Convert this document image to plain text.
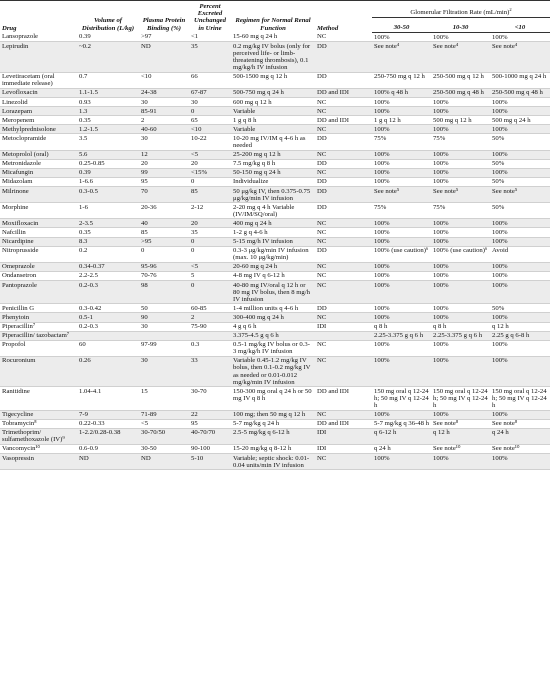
Drug	Volume of Distribution (L/kg)	Plasma Protein Binding (%)	Percent Excreted Unchanged in Urine	Regimen for Normal Renal Function	Method	Glomerular Filtration Rate $(mL/\min)^2$
						30-50	10-30	<10
Lansoprazole	0.39	>97	<1	15-60 mg q 24 h	NC	100%	100%	100%
Lepirudin	~0.2	ND	35	0.2 mg/kg IV bolus (only for perceived life- or limb-threatening thrombosis), 0.1 mg/kg/h IV infusion	DD	See note⁴	See note⁴	See note⁴
Levetiracetam (oral immediate release)	0.7	<10	66	500-1500 mg q 12 h	DD	250-750 mg q 12 h	250-500 mg q 12 h	500-1000 mg q 24 h
Levofloxacin	1.1-1.5	24-38	67-87	500-750 mg q 24 h	DD and IDI	100% q 48 h	250-500 mg q 48 h	250-500 mg q 48 h
Linezolid	0.93	30	30	600 mg q 12 h	NC	100%	100%	100%
Lorazepam	1.3	85-91	0	Variable	NC	100%	100%	100%
Meropenem	0.35	2	65	1 g q 8 h	DD and IDI	1 g q 12 h	500 mg q 12 h	500 mg q 24 h
Methylprednisolone	1.2-1.5	40-60	<10	Variable	NC	100%	100%	100%
Metoclopramide	3.5	30	10-22	10-20 mg IV/IM q 4-6 h as needed	DD	75%	75%	50%
Metoprolol (oral)	5.6	12	<5	25-200 mg q 12 h	NC	100%	100%	100%
Metronidazole	0.25-0.85	20	20	7.5 mg/kg q 8 h	DD	100%	100%	50%
Micafungin	0.39	99	<15%	50-150 mg q 24 h	NC	100%	100%	100%
Midazolam	1-6.6	95	0	Individualize	DD	100%	100%	50%
Milrinone	0.3-0.5	70	85	50 μg/kg IV, then 0.375-0.75 μg/kg/min IV infusion	DD	See note⁵	See note⁵	See note⁵
Morphine	1-6	20-36	2-12	2-20 mg q 4 h Variable (IV/IM/SQ/oral)	DD	75%	75%	50%
Moxifloxacin	2-3.5	40	20	400 mg q 24 h	NC	100%	100%	100%
Nafcillin	0.35	85	35	1-2 g q 4-6 h	NC	100%	100%	100%
Nicardipine	8.3	>95	0	5-15 mg/h IV infusion	NC	100%	100%	100%
Nitroprusside	0.2	0	0	0.3-3 μg/kg/min IV infusion (max. 10 μg/kg/min)	DD	100% (use caution)⁶	100% (use caution)⁶	Avoid
Omeprazole	0.34-0.37	95-96	<5	20-60 mg q 24 h	NC	100%	100%	100%
Ondansetron	2.2-2.5	70-76	5	4-8 mg IV q 6-12 h	NC	100%	100%	100%
Pantoprazole	0.2-0.3	98	0	40-80 mg IV/oral q 12 h or 80 mg IV bolus, then 8 mg/h IV infusion	NC	100%	100%	100%
Penicillin G	0.3-0.42	50	60-85	1-4 million units q 4-6 h	DD	100%	100%	50%
Phenytoin	0.5-1	90	2	300-400 mg q 24 h	NC	100%	100%	100%
Piperacillin⁷	0.2-0.3	30	75-90	4 g q 6 h	IDI	q 8 h	q 8 h	q 12 h
Piperacillin/ tazobactam⁷				3.375-4.5 g q 6 h		2.25-3.375 g q 6 h	2.25-3.375 g q 6 h	2.25 g q 6-8 h
Propofol	60	97-99	0.3	0.5-1 mg/kg IV bolus or 0.3-3 mg/kg/h IV infusion	NC	100%	100%	100%
Rocuronium	0.26	30	33	Variable 0.45-1.2 mg/kg IV bolus, then 0.1-0.2 mg/kg IV as needed or 0.01-0.012 mg/kg/min IV infusion	NC	100%	100%	100%
Ranitidine	1.04-4.1	15	30-70	150-300 mg oral q 24 h or 50 mg IV q 8 h	DD and IDI	150 mg oral q 12-24 h; 50 mg IV q 12-24 h	150 mg oral q 12-24 h; 50 mg IV q 12-24 h	150 mg oral q 12-24 h; 50 mg IV q 12-24 h
Tigecycline	7-9	71-89	22	100 mg; then 50 mg q 12 h	NC	100%	100%	100%
Tobramycin⁸	0.22-0.33	<5	95	5-7 mg/kg q 24 h	DD and IDI	5-7 mg/kg q 36-48 h	See note⁸	See note⁸
Trimethoprim/ sulfamethoxazole (IV)⁹	1-2.2/0.28-0.38	30-70/50	40-70/70	2.5-5 mg/kg q 6-12 h	IDI	q 6-12 h	q 12 h	q 24 h
Vancomycin¹⁰	0.6-0.9	30-50	90-100	15-20 mg/kg q 8-12 h	IDI	q 24 h	See note¹⁰	See note¹⁰
Vasopressin	ND	ND	5-10	Variable; septic shock: 0.01-0.04 units/min IV infusion	NC	100%	100%	100%
